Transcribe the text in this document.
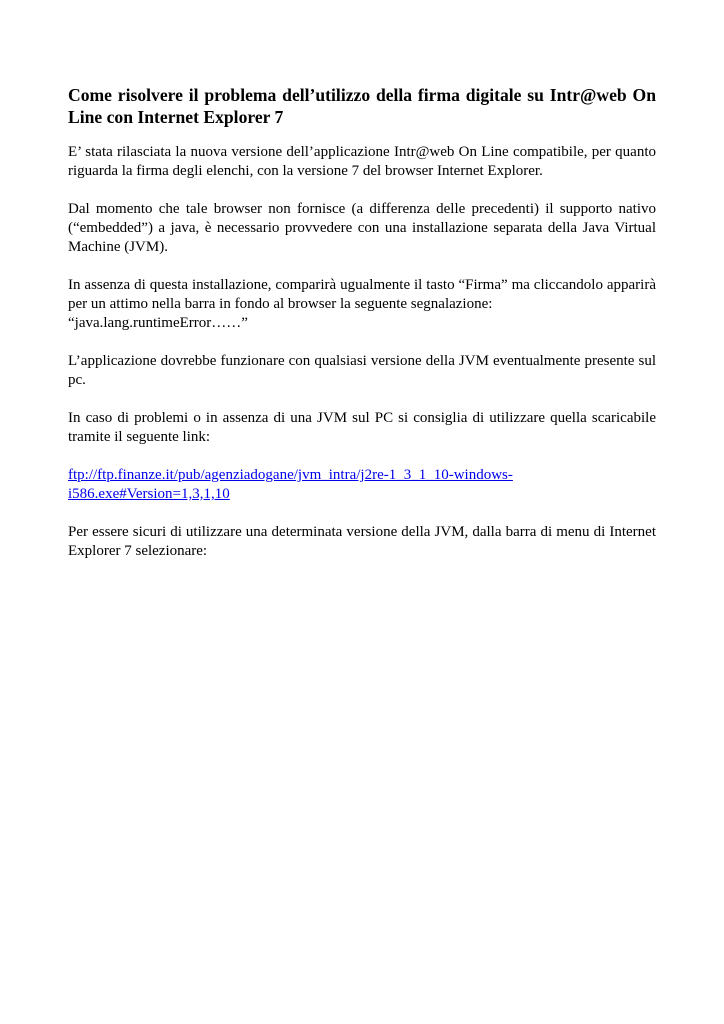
Come risolvere il problema dell’utilizzo della firma digitale su Intr@web On Line con Internet Explorer 7
E’ stata rilasciata la nuova versione dell’applicazione Intr@web On Line compatibile, per quanto
riguarda la firma degli elenchi, con la versione 7 del browser Internet Explorer.
Dal momento che tale browser non fornisce (a differenza delle precedenti) il supporto nativo
(“embedded”) a java, è necessario provvedere con una installazione separata della Java Virtual
Machine (JVM).
In assenza di questa installazione, comparirà ugualmente il tasto “Firma” ma cliccandolo apparirà
per un attimo nella barra in fondo al browser la seguente segnalazione:
“java.lang.runtimeError……”
L’applicazione dovrebbe funzionare con qualsiasi versione della JVM eventualmente presente sul
pc.
In caso di problemi o in assenza di una JVM sul PC si consiglia di utilizzare quella scaricabile
tramite il seguente link:
ftp://ftp.finanze.it/pub/agenziadogane/jvm_intra/j2re-1_3_1_10-windows-
i586.exe#Version=1,3,1,10
Per essere sicuri di utilizzare una determinata versione della JVM, dalla barra di menu di Internet
Explorer 7 selezionare:
